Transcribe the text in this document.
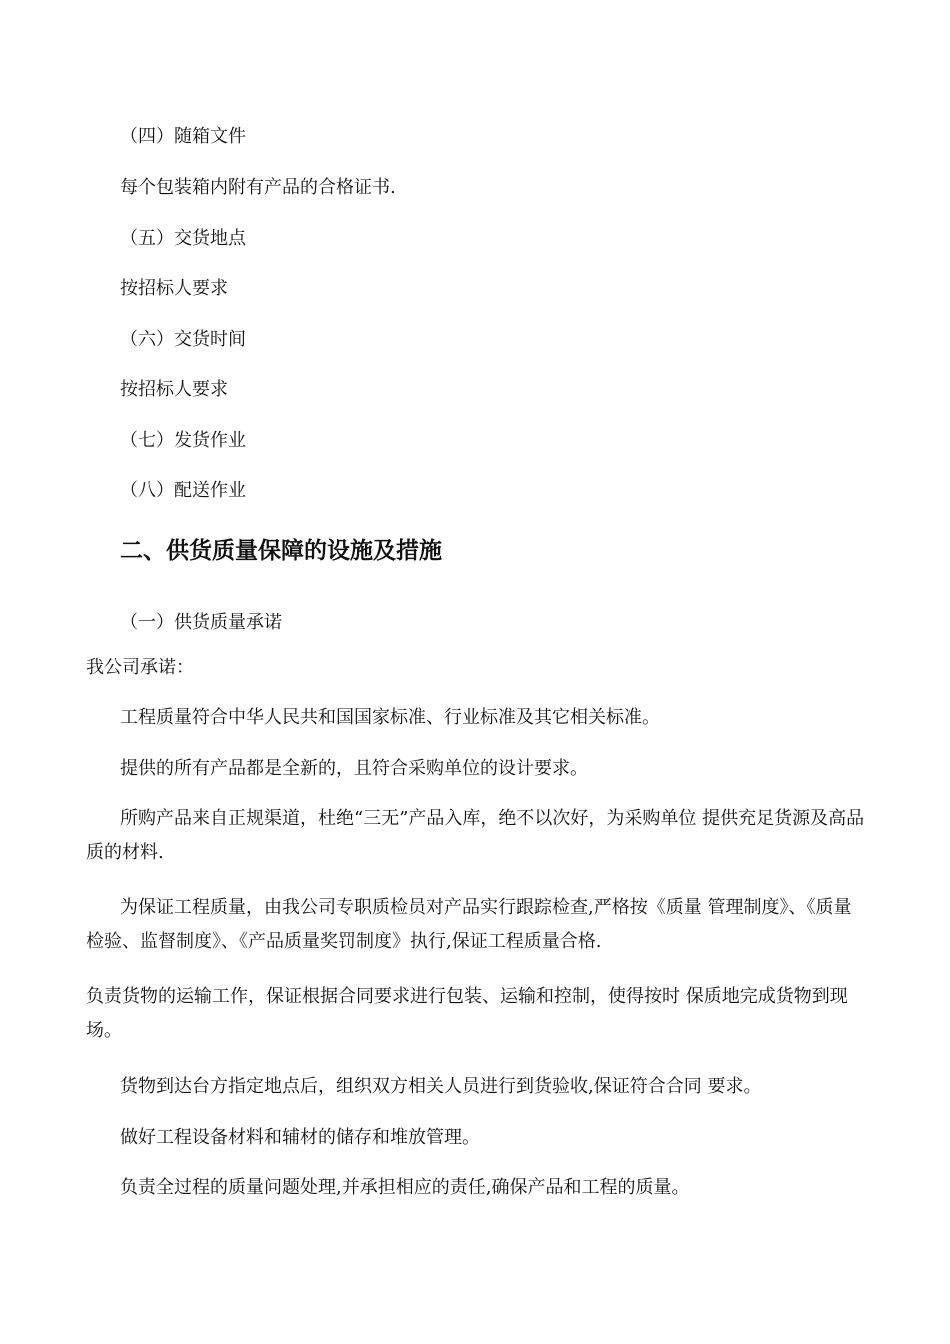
（四）随箱文件
每个包装箱内附有产品的合格证书.
（五）交货地点
按招标人要求
（六）交货时间
按招标人要求
（七）发货作业
（八）配送作业
二、供货质量保障的设施及措施
（一）供货质量承诺
我公司承诺：
工程质量符合中华人民共和国国家标准、行业标准及其它相关标准。
提供的所有产品都是全新的，且符合采购单位的设计要求。
所购产品来自正规渠道，杜绝“三无”产品入库，绝不以次好，为采购单位 提供充足货源及高品质的材料.
为保证工程质量，由我公司专职质检员对产品实行跟踪检查,严格按《质量 管理制度》、《质量检验、监督制度》、《产品质量奖罚制度》执行,保证工程质量合格.
负责货物的运输工作，保证根据合同要求进行包装、运输和控制，使得按时 保质地完成货物到现场。
货物到达台方指定地点后，组织双方相关人员进行到货验收,保证符合合同 要求。
做好工程设备材料和辅材的储存和堆放管理。
负责全过程的质量问题处理,并承担相应的责任,确保产品和工程的质量。
